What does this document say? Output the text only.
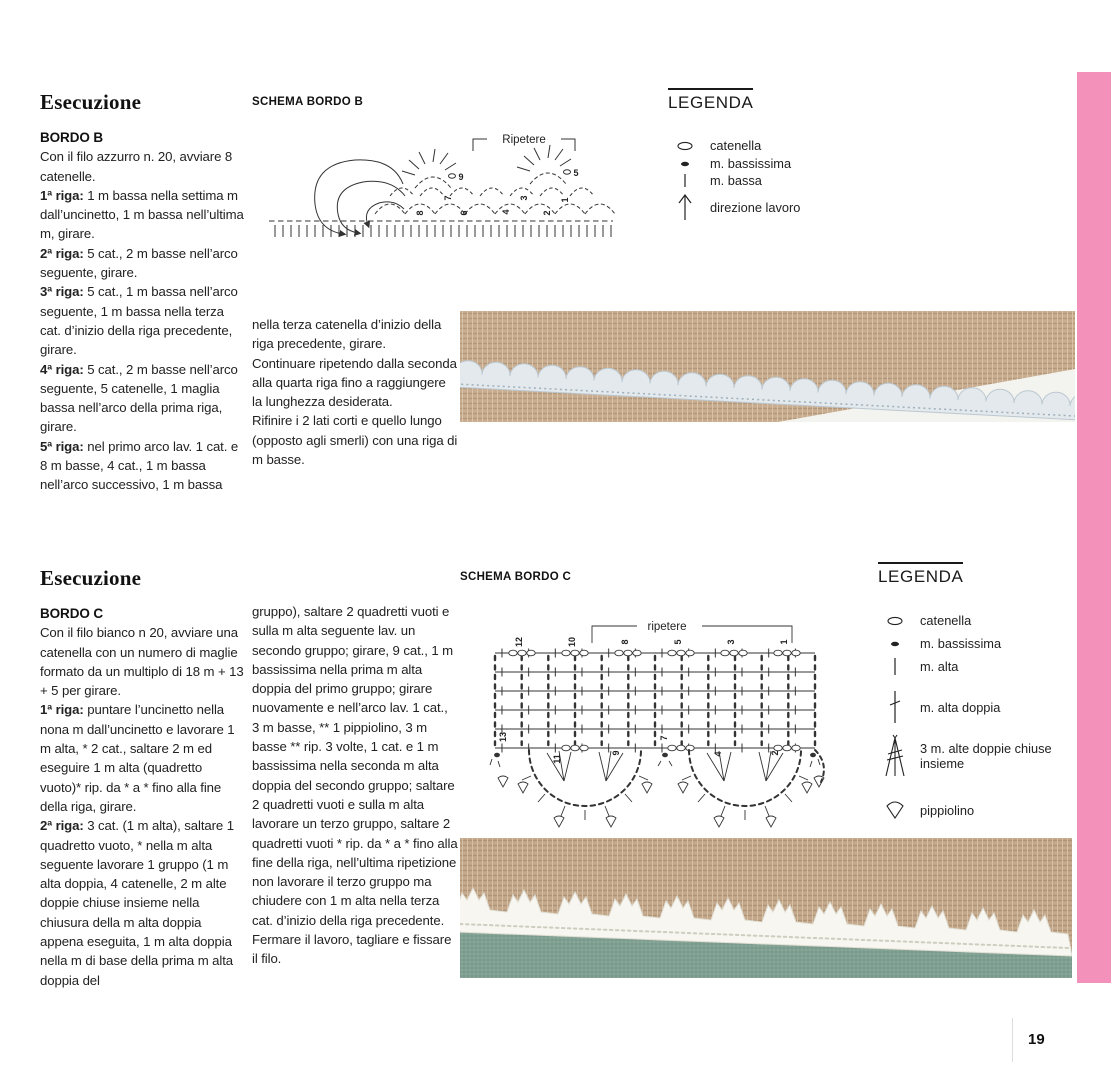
Esecuzione

BORDO B

Con il filo azzurro n. 20, avviare 8 catenelle.

1ª riga: 1 m bassa nella settima m dall’uncinetto, 1 m bassa nell’ultima m, girare.

2ª riga: 5 cat., 2 m basse nell’arco seguente, girare.

3ª riga: 5 cat., 1 m bassa nell’arco seguente, 1 m bassa nella terza cat. d’inizio della riga precedente, girare.

4ª riga: 5 cat., 2 m basse nell’arco seguente, 5 catenelle, 1 maglia bassa nell’arco della prima riga, girare.

5ª riga: nel primo arco lav. 1 cat. e 8 m basse, 4 cat., 1 m bassa nell’arco successivo, 1 m bassa

SCHEMA BORDO B
Ripetere
9	5
7	3	1
8	6	4	2
LEGENDA
catenella
m. bassissima
m. bassa
direzione lavoro

nella terza catenella d’inizio della riga precedente, girare.

Continuare ripetendo dalla seconda alla quarta riga fino a raggiungere la lunghezza desiderata.

Rifinire i 2 lati corti e quello lungo (opposto agli smerli) con una riga di m basse.

Esecuzione

BORDO C

Con il filo bianco n 20, avviare una catenella con un numero di maglie formato da un multiplo di 18 m + 13 + 5 per girare.

1ª riga: puntare l’uncinetto nella nona m dall’uncinetto e lavorare 1 m alta, * 2 cat., saltare 2 m ed eseguire 1 m alta (quadretto vuoto)* rip. da * a * fino alla fine della riga, girare.

2ª riga: 3 cat. (1 m alta), saltare 1 quadretto vuoto, * nella m alta seguente lavorare 1 gruppo (1 m alta doppia, 4 catenelle, 2 m alte doppie chiuse insieme nella chiusura della m alta doppia appena eseguita, 1 m alta doppia nella m di base della prima m alta doppia del

gruppo), saltare 2 quadretti vuoti e sulla m alta seguente lav. un secondo gruppo; girare, 9 cat., 1 m bassissima nella prima m alta doppia del primo gruppo; girare nuovamente e nell’arco lav. 1 cat., 3 m basse, ** 1 pippiolino, 3 m basse ** rip. 3 volte, 1 cat. e 1 m bassissima nella seconda m alta doppia del secondo gruppo; saltare 2 quadretti vuoti e sulla m alta lavorare un terzo gruppo, saltare 2 quadretti vuoti * rip. da * a * fino alla fine della riga, nell’ultima ripetizione non lavorare il terzo gruppo ma chiudere con 1 m alta nella terza cat. d’inizio della riga precedente. Fermare il lavoro, tagliare e fissare il filo.

SCHEMA BORDO C
ripetere
12	10	8	5	3	1
13
11
9
7
4	2
LEGENDA
catenella
m. bassissima
m. alta
m. alta doppia
3 m. alte doppie chiuse insieme
pippiolino
19
